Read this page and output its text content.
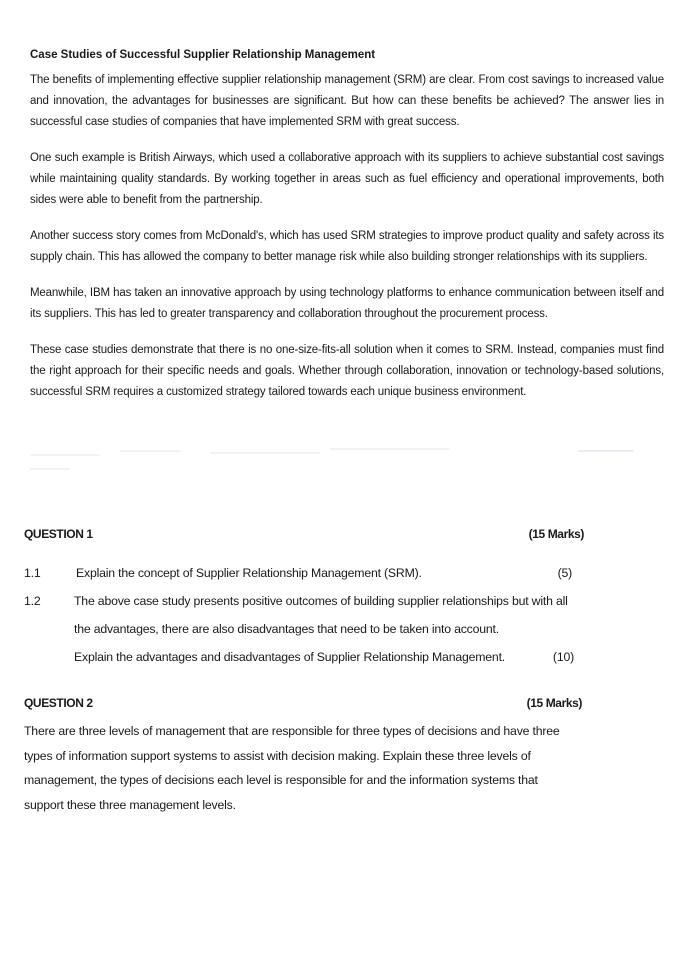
Case Studies of Successful Supplier Relationship Management

The benefits of implementing effective supplier relationship management (SRM) are clear. From cost savings to increased value and innovation, the advantages for businesses are significant. But how can these benefits be achieved? The answer lies in successful case studies of companies that have implemented SRM with great success.

One such example is British Airways, which used a collaborative approach with its suppliers to achieve substantial cost savings while maintaining quality standards. By working together in areas such as fuel efficiency and operational improvements, both sides were able to benefit from the partnership.

Another success story comes from McDonald's, which has used SRM strategies to improve product quality and safety across its supply chain. This has allowed the company to better manage risk while also building stronger relationships with its suppliers.

Meanwhile, IBM has taken an innovative approach by using technology platforms to enhance communication between itself and its suppliers. This has led to greater transparency and collaboration throughout the procurement process.

These case studies demonstrate that there is no one-size-fits-all solution when it comes to SRM. Instead, companies must find the right approach for their specific needs and goals. Whether through collaboration, innovation or technology-based solutions, successful SRM requires a customized strategy tailored towards each unique business environment.

QUESTION 1	(15 Marks)
1.1	Explain the concept of Supplier Relationship Management (SRM).	(5)
1.2	The above case study presents positive outcomes of building supplier relationships but with all
the advantages, there are also disadvantages that need to be taken into account.
Explain the advantages and disadvantages of Supplier Relationship Management.	(10)
QUESTION 2	(15 Marks)

There are three levels of management that are responsible for three types of decisions and have three types of information support systems to assist with decision making. Explain these three levels of management, the types of decisions each level is responsible for and the information systems that support these three management levels.
